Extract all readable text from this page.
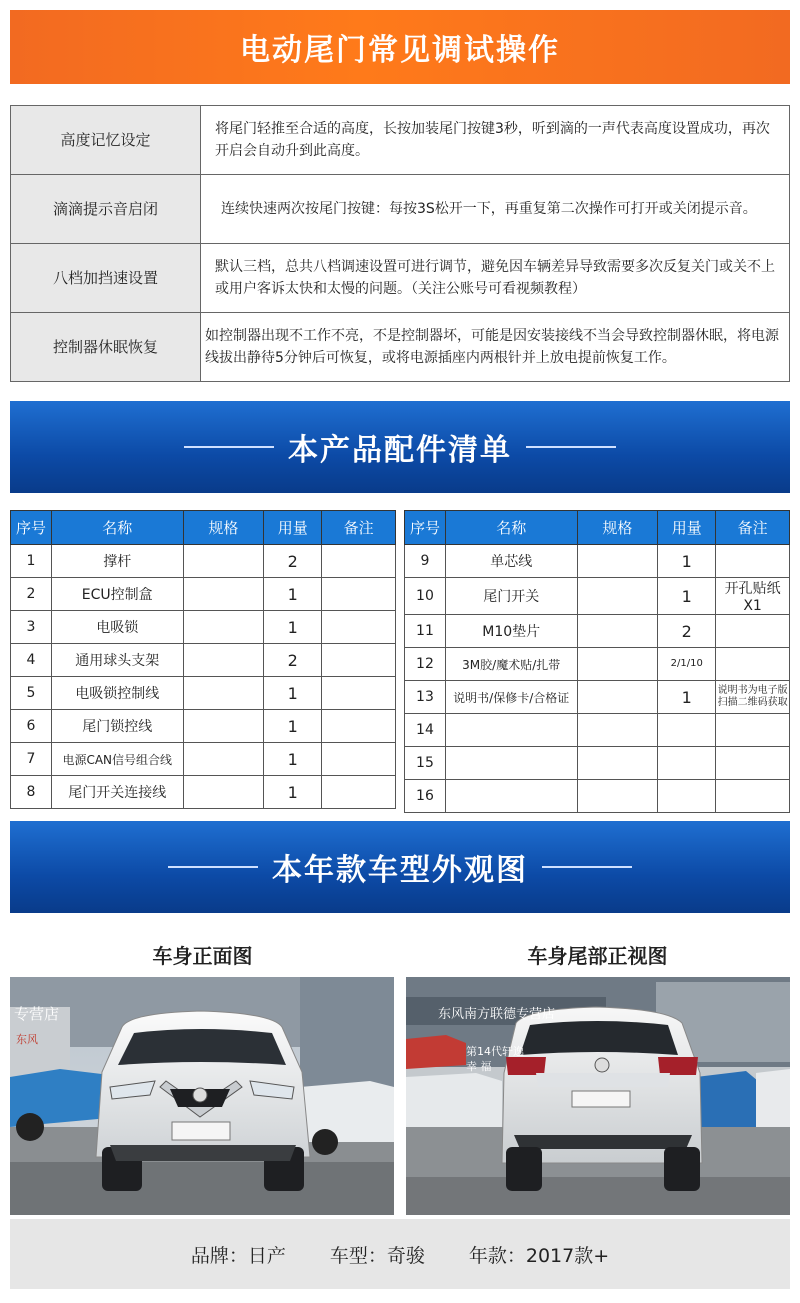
电动尾门常见调试操作
高度记忆设定	将尾门轻推至合适的高度，长按加装尾门按键3秒，听到滴的一声代表高度设置成功，再次开启会自动升到此高度。
滴滴提示音启闭	连续快速两次按尾门按键：每按3S松开一下，再重复第二次操作可打开或关闭提示音。
八档加挡速设置	默认三档，总共八档调速设置可进行调节，避免因车辆差异导致需要多次反复关门或关不上或用户客诉太快和太慢的问题。（关注公账号可看视频教程）
控制器休眠恢复	如控制器出现不工作不亮，不是控制器坏，可能是因安装接线不当会导致控制器休眠，将电源线拔出静待5分钟后可恢复，或将电源插座内两根针并上放电提前恢复工作。
本产品配件清单
序号	名称	规格	用量	备注
1	撑杆		2	
2	ECU控制盒		1	
3	电吸锁		1	
4	通用球头支架		2	
5	电吸锁控制线		1	
6	尾门锁控线		1	
7	电源CAN信号组合线		1	
8	尾门开关连接线		1	
序号	名称	规格	用量	备注
9	单芯线		1	
10	尾门开关		1	开孔贴纸X1
11	M10垫片		2	
12	3M胶/魔术贴/扎带		2/1/10	
13	说明书/保修卡/合格证		1	说明书为电子版扫描二维码获取
14				
15				
16				
本年款车型外观图
车身正面图	车身尾部正视图
专营店
东风
东风南方联德专营店
第14代轩逸
幸 福
品牌：日产 车型：奇骏 年款：2017款+
